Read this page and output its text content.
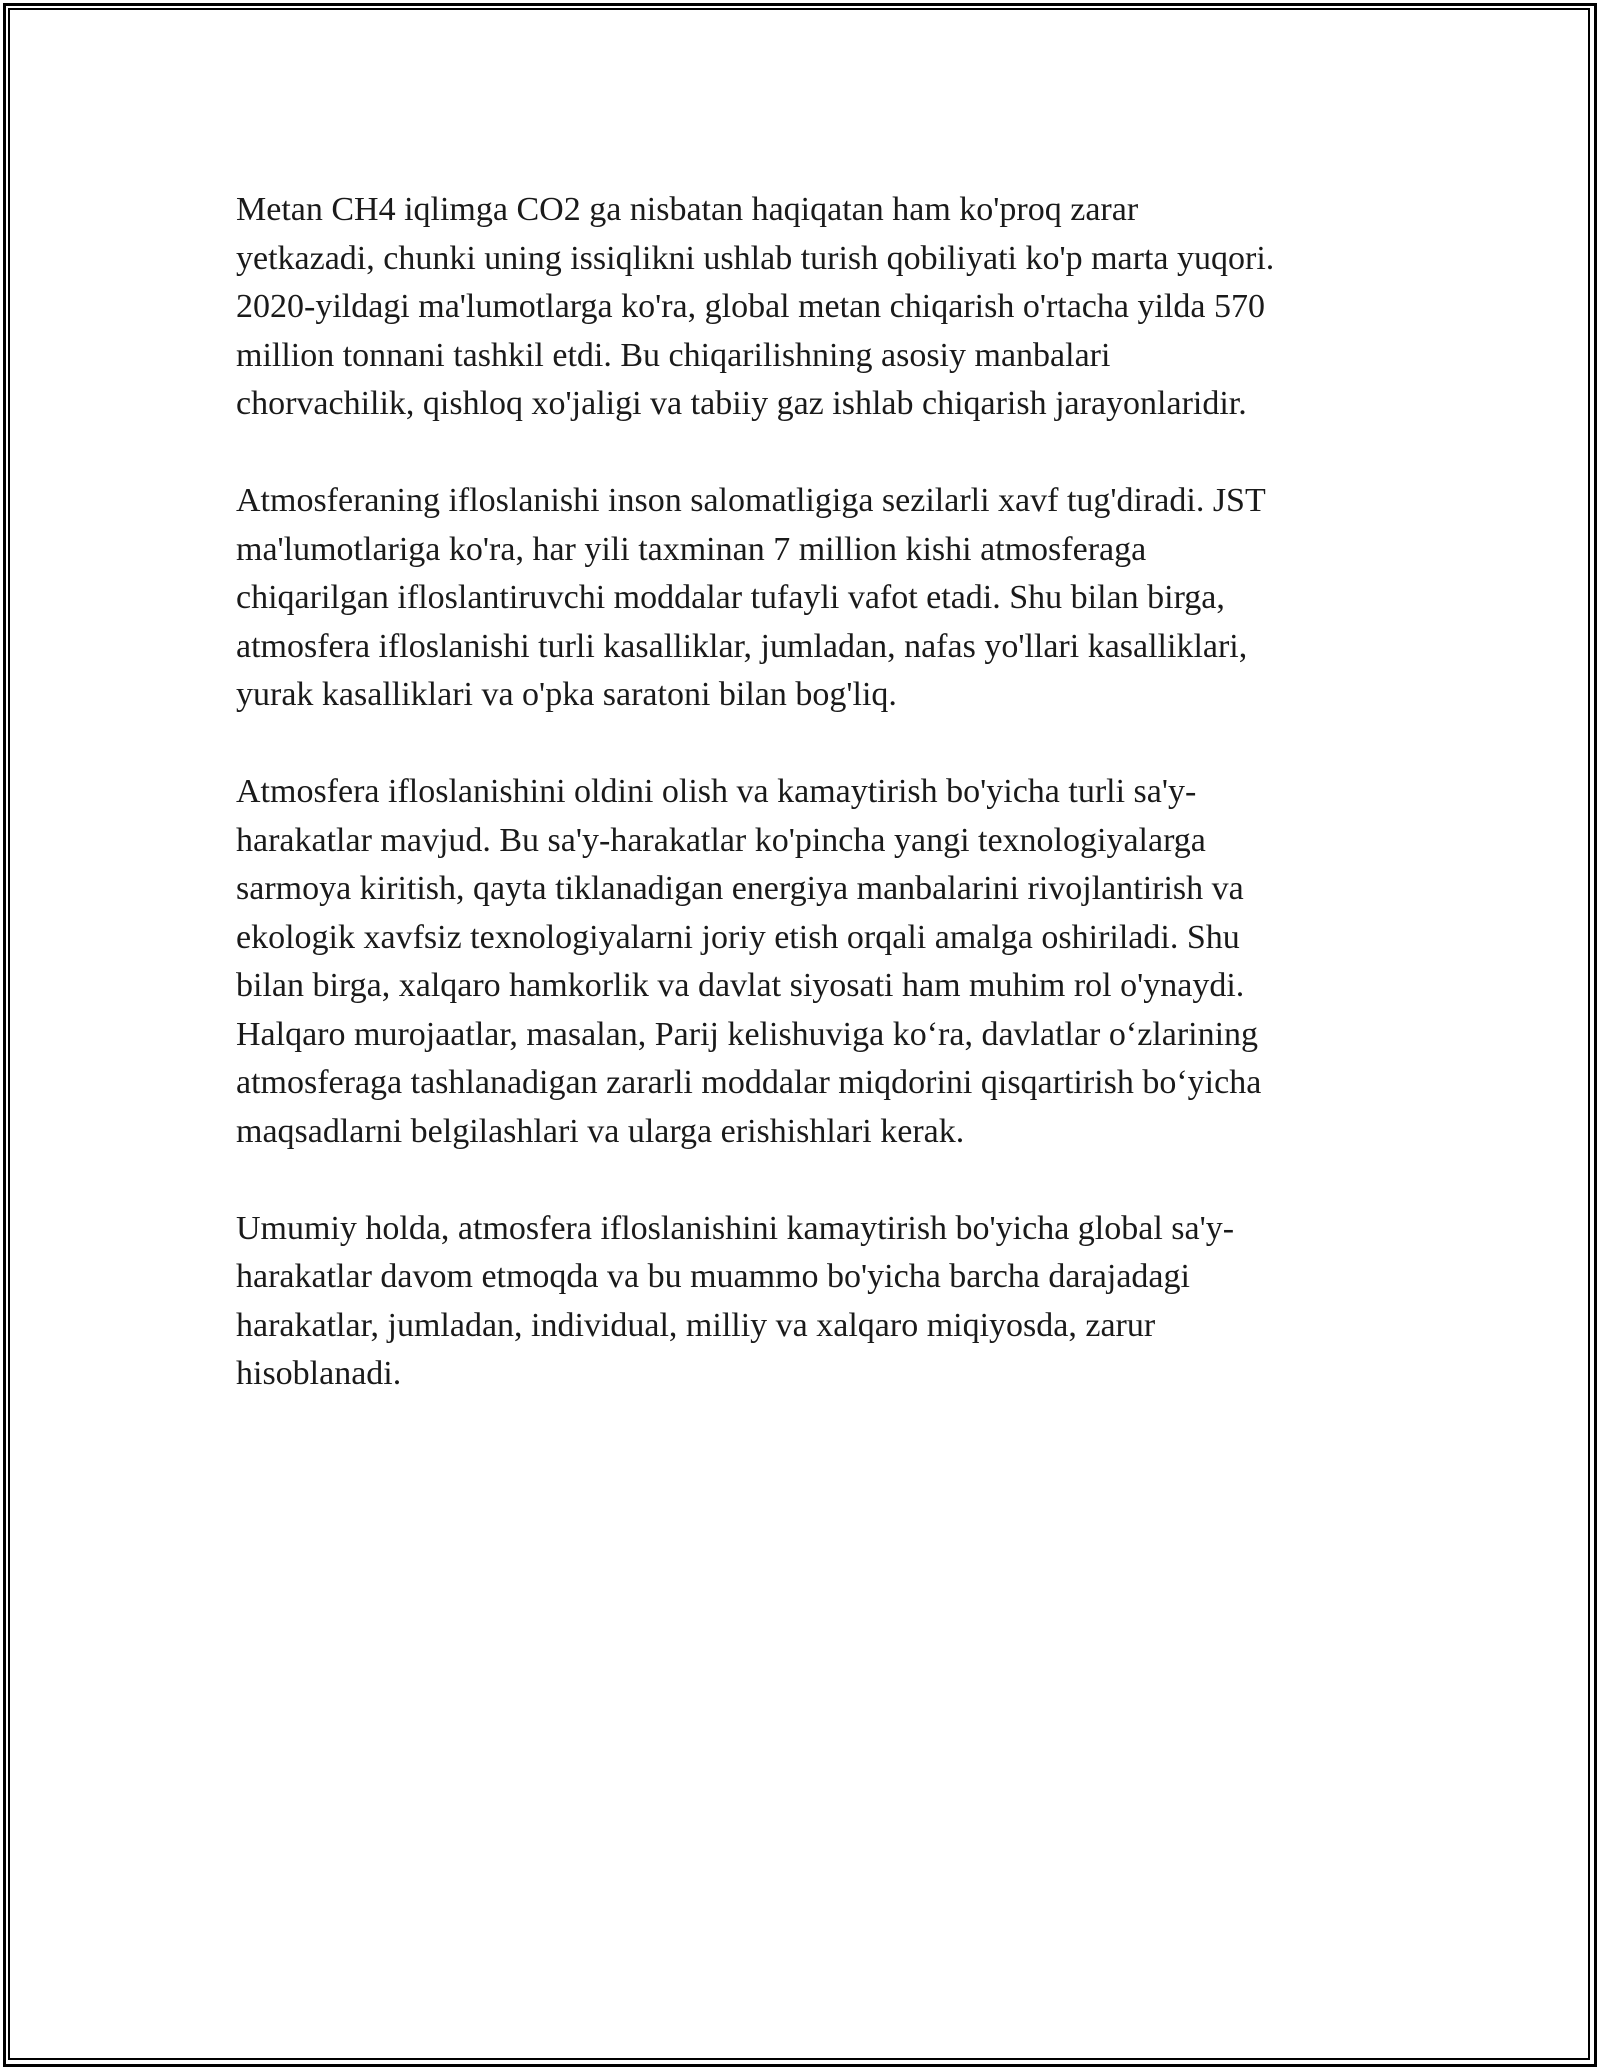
Metan CH4 iqlimga CO2 ga nisbatan haqiqatan ham ko'proq zarar
yetkazadi, chunki uning issiqlikni ushlab turish qobiliyati ko'p marta yuqori.
2020-yildagi ma'lumotlarga ko'ra, global metan chiqarish o'rtacha yilda 570
million tonnani tashkil etdi. Bu chiqarilishning asosiy manbalari
chorvachilik, qishloq xo'jaligi va tabiiy gaz ishlab chiqarish jarayonlaridir.

Atmosferaning ifloslanishi inson salomatligiga sezilarli xavf tug'diradi. JST
ma'lumotlariga ko'ra, har yili taxminan 7 million kishi atmosferaga
chiqarilgan ifloslantiruvchi moddalar tufayli vafot etadi. Shu bilan birga,
atmosfera ifloslanishi turli kasalliklar, jumladan, nafas yo'llari kasalliklari,
yurak kasalliklari va o'pka saratoni bilan bog'liq.

Atmosfera ifloslanishini oldini olish va kamaytirish bo'yicha turli sa'y-
harakatlar mavjud. Bu sa'y-harakatlar ko'pincha yangi texnologiyalarga
sarmoya kiritish, qayta tiklanadigan energiya manbalarini rivojlantirish va
ekologik xavfsiz texnologiyalarni joriy etish orqali amalga oshiriladi. Shu
bilan birga, xalqaro hamkorlik va davlat siyosati ham muhim rol o'ynaydi.
Halqaro murojaatlar, masalan, Parij kelishuviga ko‘ra, davlatlar o‘zlarining
atmosferaga tashlanadigan zararli moddalar miqdorini qisqartirish bo‘yicha
maqsadlarni belgilashlari va ularga erishishlari kerak.

Umumiy holda, atmosfera ifloslanishini kamaytirish bo'yicha global sa'y-
harakatlar davom etmoqda va bu muammo bo'yicha barcha darajadagi
harakatlar, jumladan, individual, milliy va xalqaro miqiyosda, zarur
hisoblanadi.
